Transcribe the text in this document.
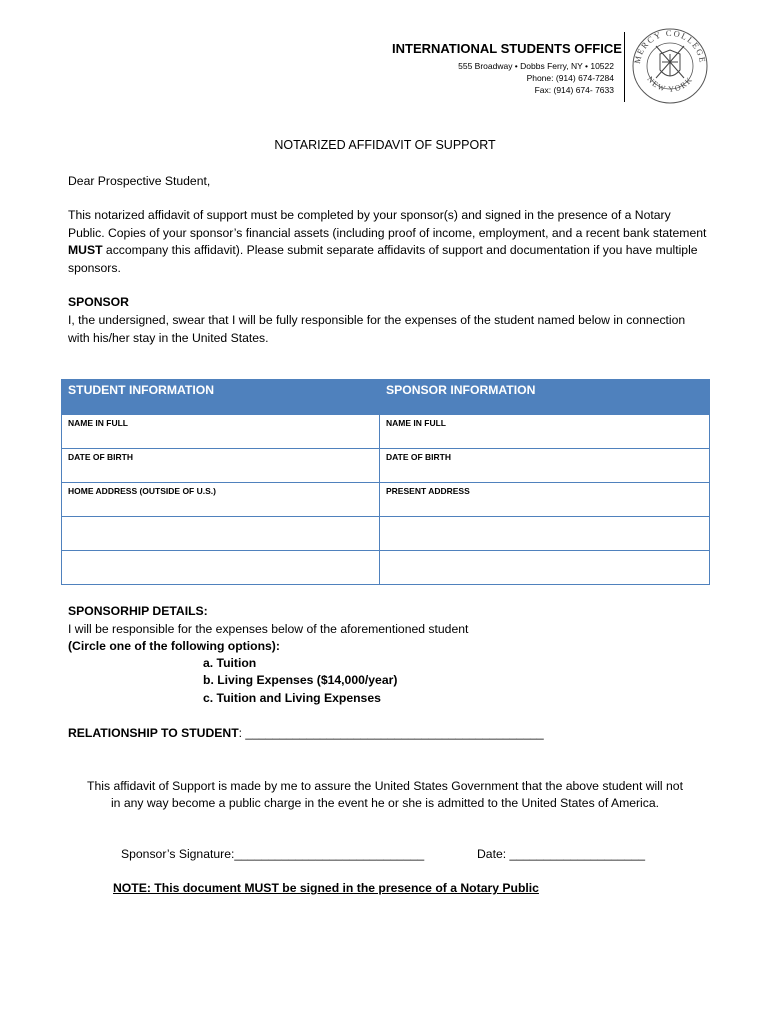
INTERNATIONAL STUDENTS OFFICE
555 Broadway • Dobbs Ferry, NY • 10522
Phone: (914) 674-7284
Fax: (914) 674- 7633
MERCY COLLEGE
NEW YORK
NOTARIZED AFFIDAVIT OF SUPPORT
Dear Prospective Student,
This notarized affidavit of support must be completed by your sponsor(s) and signed in the presence of a Notary Public. Copies of your sponsor’s financial assets (including proof of income, employment, and a recent bank statement MUST accompany this affidavit). Please submit separate affidavits of support and documentation if you have multiple sponsors.
SPONSOR
I, the undersigned, swear that I will be fully responsible for the expenses of the student named below in connection with his/her stay in the United States.
STUDENT INFORMATION	SPONSOR INFORMATION
NAME IN FULL	NAME IN FULL
DATE OF BIRTH	DATE OF BIRTH
HOME ADDRESS (OUTSIDE OF U.S.)	PRESENT ADDRESS

SPONSORHIP DETAILS:
I will be responsible for the expenses below of the aforementioned student
(Circle one of the following options):
a. Tuition
b. Living Expenses ($14,000/year)
c. Tuition and Living Expenses
RELATIONSHIP TO STUDENT: ____________________________________________
This affidavit of Support is made by me to assure the United States Government that the above student will not
in any way become a public charge in the event he or she is admitted to the United States of America.
Sponsor’s Signature:____________________________	Date: ____________________
NOTE: This document MUST be signed in the presence of a Notary Public
